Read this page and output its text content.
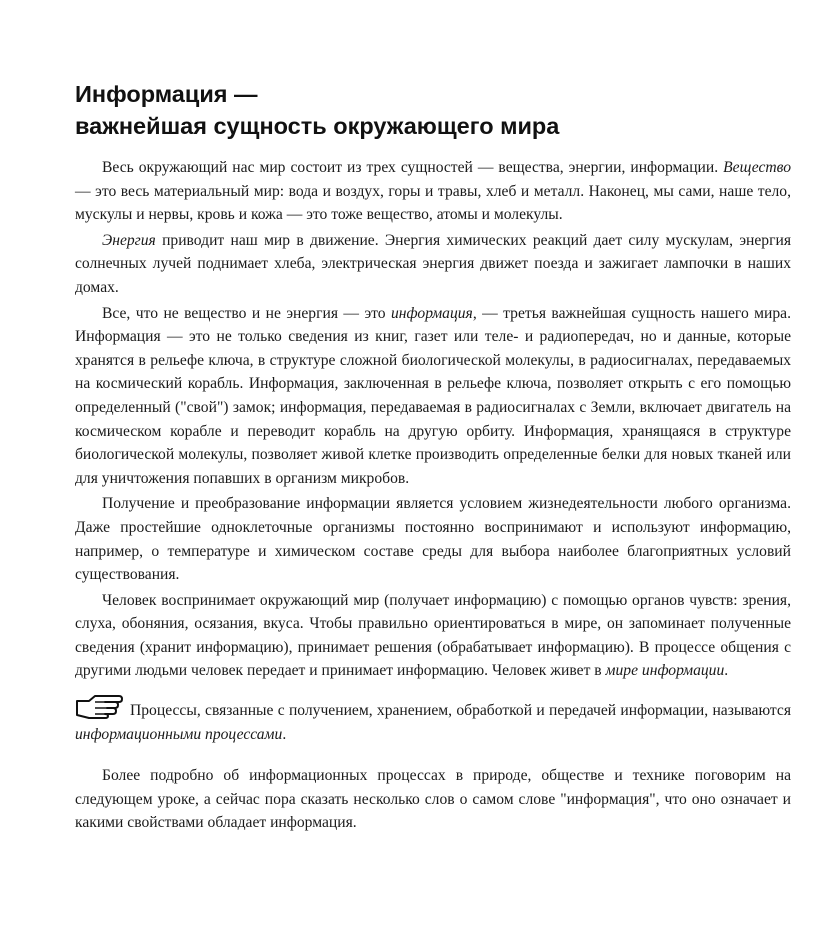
Информация —
важнейшая сущность окружающего мира

Весь окружающий нас мир состоит из трех сущностей — вещества, энергии, информации. Вещество — это весь материальный мир: вода и воздух, горы и травы, хлеб и металл. Наконец, мы сами, наше тело, мускулы и нервы, кровь и кожа — это тоже вещество, атомы и молекулы.

Энергия приводит наш мир в движение. Энергия химических реакций дает силу мускулам, энергия солнечных лучей поднимает хлеба, электрическая энергия движет поезда и зажигает лампочки в наших домах.

Все, что не вещество и не энергия — это информация, — третья важнейшая сущность нашего мира. Информация — это не только сведения из книг, газет или теле- и радиопередач, но и данные, которые хранятся в рельефе ключа, в структуре сложной биологической молекулы, в радиосигналах, передаваемых на космический корабль. Информация, заключенная в рельефе ключа, позволяет открыть с его помощью определенный ("свой") замок; информация, передаваемая в радиосигналах с Земли, включает двигатель на космическом корабле и переводит корабль на другую орбиту. Информация, хранящаяся в структуре биологической молекулы, позволяет живой клетке производить определенные белки для новых тканей или для уничтожения попавших в организм микробов.

Получение и преобразование информации является условием жизнедеятельности любого организма. Даже простейшие одноклеточные организмы постоянно воспринимают и используют информацию, например, о температуре и химическом составе среды для выбора наиболее благоприятных условий существования.

Человек воспринимает окружающий мир (получает информацию) с помощью органов чувств: зрения, слуха, обоняния, осязания, вкуса. Чтобы правильно ориентироваться в мире, он запоминает полученные сведения (хранит информацию), принимает решения (обрабатывает информацию). В процессе общения с другими людьми человек передает и принимает информацию. Человек живет в мире информации.

Процессы, связанные с получением, хранением, обработкой и передачей информации, называются информационными процессами.

Более подробно об информационных процессах в природе, обществе и технике поговорим на следующем уроке, а сейчас пора сказать несколько слов о самом слове "информация", что оно означает и какими свойствами обладает информация.
